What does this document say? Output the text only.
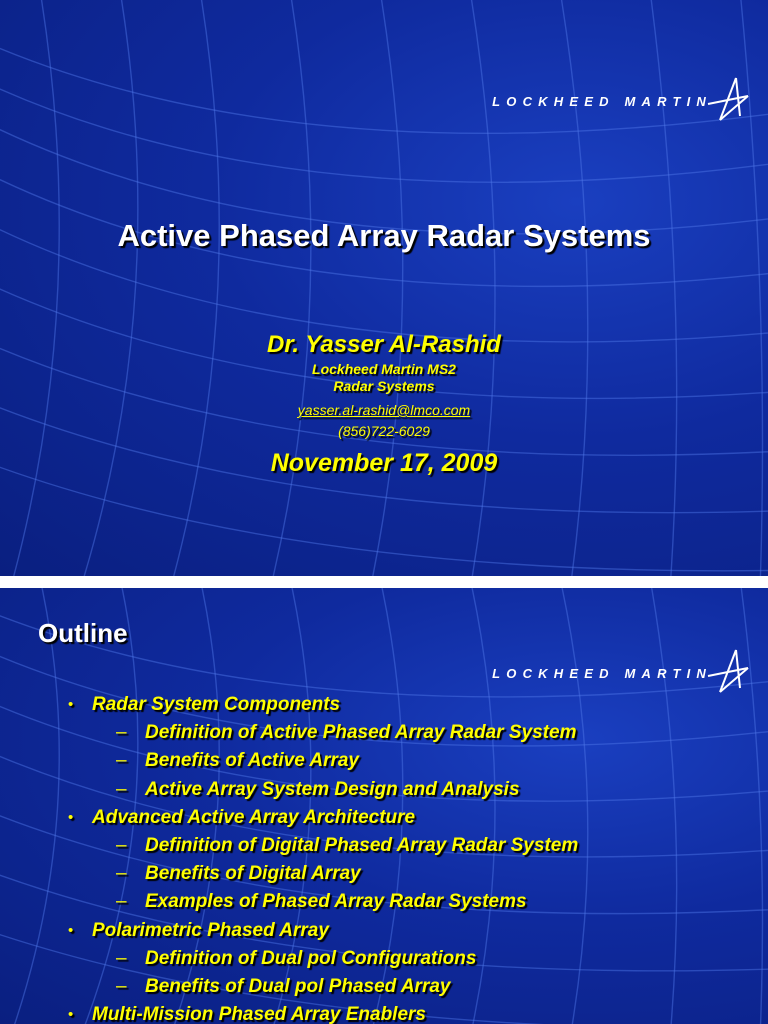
LOCKHEED MARTIN
Active Phased Array Radar Systems
Dr. Yasser Al-Rashid
Lockheed Martin MS2
Radar Systems
yasser.al-rashid@lmco.com
(856)722-6029
November 17, 2009
Outline
LOCKHEED MARTIN
• Radar System Components
– Definition of Active Phased Array Radar System
– Benefits of Active Array
– Active Array System Design and Analysis
• Advanced Active Array Architecture
– Definition of Digital Phased Array Radar System
– Benefits of Digital Array
– Examples of Phased Array Radar Systems
• Polarimetric Phased Array
– Definition of Dual pol Configurations
– Benefits of Dual pol Phased Array
• Multi-Mission Phased Array Enablers
